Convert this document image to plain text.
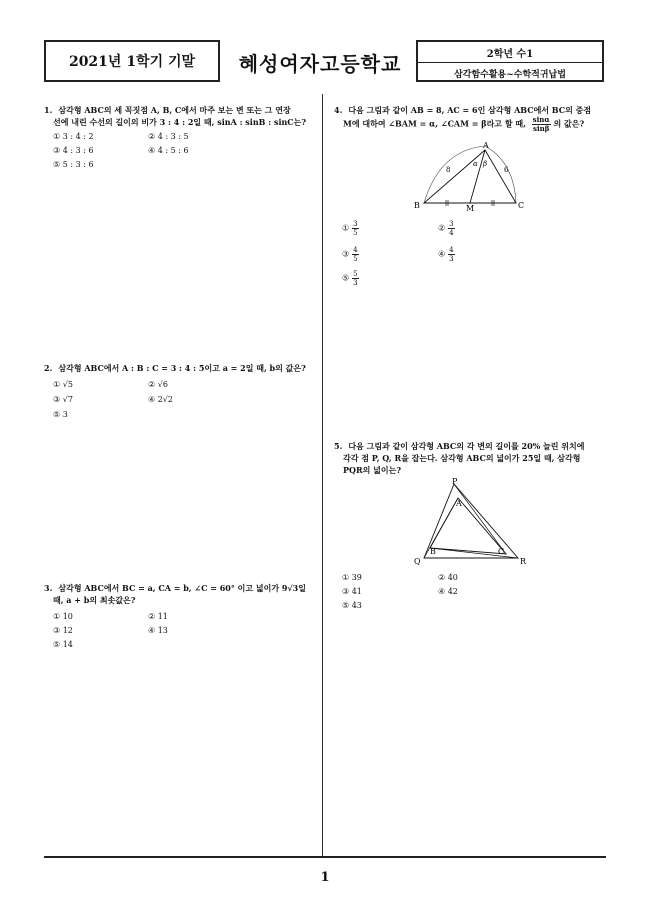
2021년 1학기 기말	혜성여자고등학교	2학년 수1
삼각함수활용~수학적귀납법
1. 삼각형 ABC의 세 꼭짓점 A, B, C에서 마주 보는 변 또는 그 연장
선에 내린 수선의 길이의 비가 3 : 4 : 2일 때, sinA : sinB : sinC는?
① 3 : 4 : 2	② 4 : 3 : 5
③ 4 : 3 : 6	④ 4 : 5 : 6
⑤ 5 : 3 : 6
2. 삼각형 ABC에서 A : B : C = 3 : 4 : 5이고 a = 2일 때, b의 값은?
① √5	② √6
③ √7	④ 2√2
⑤ 3
3. 삼각형 ABC에서 BC = a, CA = b, ∠C = 60° 이고 넓이가 9√3일
때, a + b의 최솟값은?
① 10	② 11
③ 12	④ 13
⑤ 14
4. 다음 그림과 같이 AB = 8, AC = 6인 삼각형 ABC에서 BC의 중점
M에 대하여 ∠BAM = α, ∠CAM = β라고 할 때, $\frac{\sin\alpha}{\sin\beta}$ 의 값은?
A
B	C
M
8	6
α β
① $\frac{3}{5}$	② $\frac{3}{4}$
③ $\frac{4}{5}$	④ $\frac{4}{3}$
⑤ $\frac{5}{3}$
5. 다음 그림과 같이 삼각형 ABC의 각 변의 길이를 20% 늘린 위치에
각각 점 P, Q, R을 잡는다. 삼각형 ABC의 넓이가 25일 때, 삼각형
PQR의 넓이는?
P
A
B	C
Q	R
① 39	② 40
③ 41	④ 42
⑤ 43
1
